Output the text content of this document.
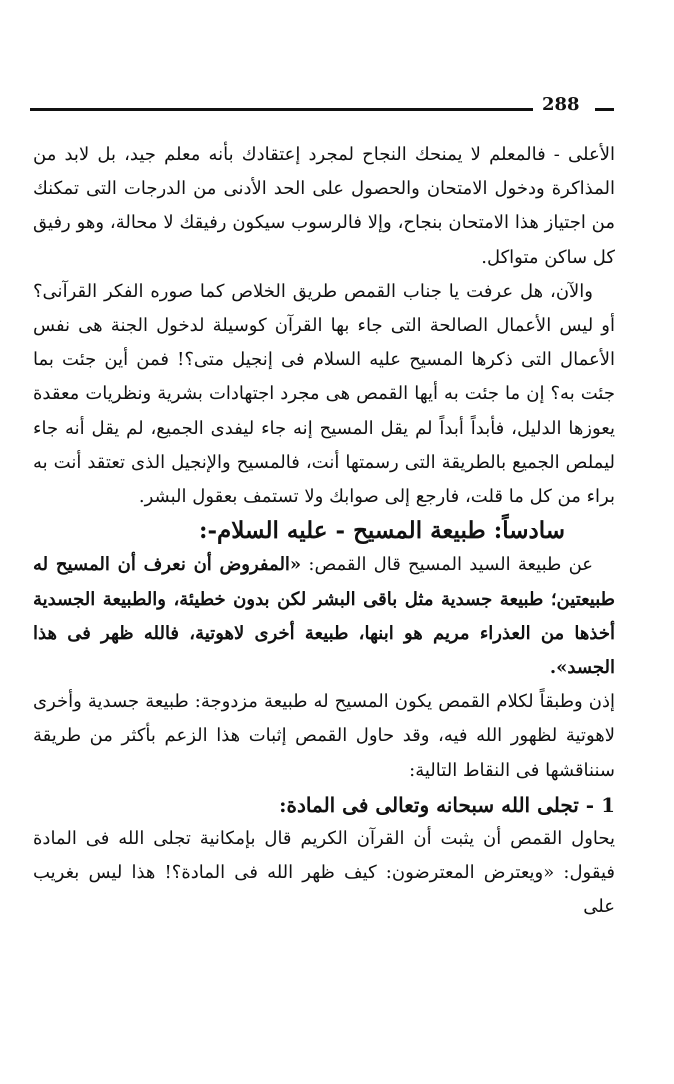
288

الأعلى - فالمعلم لا يمنحك النجاح لمجرد إعتقادك بأنه معلم جيد، بل لابد من المذاكرة ودخول الامتحان والحصول على الحد الأدنى من الدرجات التى تمكنك من اجتياز هذا الامتحان بنجاح، وإلا فالرسوب سيكون رفيقك لا محالة، وهو رفيق كل ساكن متواكل.

والآن، هل عرفت يا جناب القمص طريق الخلاص كما صوره الفكر القرآنى؟ أو ليس الأعمال الصالحة التى جاء بها القرآن كوسيلة لدخول الجنة هى نفس الأعمال التى ذكرها المسيح عليه السلام فى إنجيل متى؟! فمن أين جئت بما جئت به؟ إن ما جئت به أيها القمص هى مجرد اجتهادات بشرية ونظريات معقدة يعوزها الدليل، فأبداً أبداً لم يقل المسيح إنه جاء ليفدى الجميع، لم يقل أنه جاء ليملص الجميع بالطريقة التى رسمتها أنت، فالمسيح والإنجيل الذى تعتقد أنت به براء من كل ما قلت، فارجع إلى صوابك ولا تستمف بعقول البشر.

سادساً: طبيعة المسيح - عليه السلام-:

عن طبيعة السيد المسيح قال القمص: «المفروض أن نعرف أن المسيح له طبيعتين؛ طبيعة جسدية مثل باقى البشر لكن بدون خطيئة، والطبيعة الجسدية أخذها من العذراء مريم هو ابنها، طبيعة أخرى لاهوتية، فالله ظهر فى هذا الجسد».

إذن وطبقاً لكلام القمص يكون المسيح له طبيعة مزدوجة: طبيعة جسدية وأخرى لاهوتية لظهور الله فيه، وقد حاول القمص إثبات هذا الزعم بأكثر من طريقة سنناقشها فى النقاط التالية:

1 - تجلى الله سبحانه وتعالى فى المادة:

يحاول القمص أن يثبت أن القرآن الكريم قال بإمكانية تجلى الله فى المادة فيقول: «ويعترض المعترضون: كيف ظهر الله فى المادة؟! هذا ليس بغريب على
